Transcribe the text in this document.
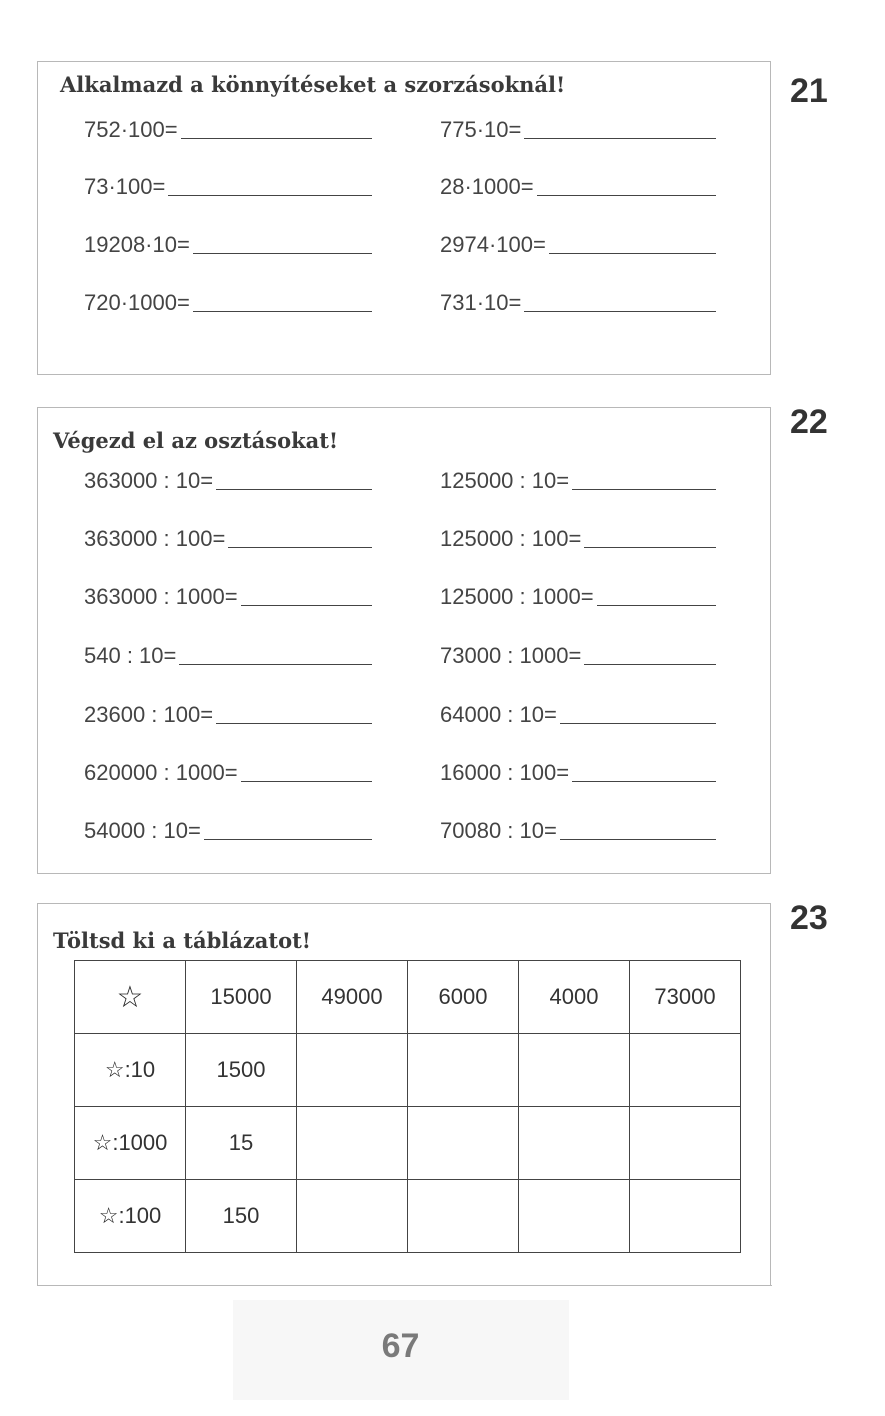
21
Alkalmazd a könnyítéseket a szorzásoknál!
752·100=	775·10=
73·100=	28·1000=
19208·10=	2974·100=
720·1000=	731·10=
22
Végezd el az osztásokat!
363000 : 10=	125000 : 10=
363000 : 100=	125000 : 100=
363000 : 1000=	125000 : 1000=
540 : 10=	73000 : 1000=
23600 : 100=	64000 : 10=
620000 : 1000=	16000 : 100=
54000 : 10=	70080 : 10=
23
Töltsd ki a táblázatot!
☆	15000	49000	6000	4000	73000
☆:10	1500				
☆:1000	15				
☆:100	150				
67
